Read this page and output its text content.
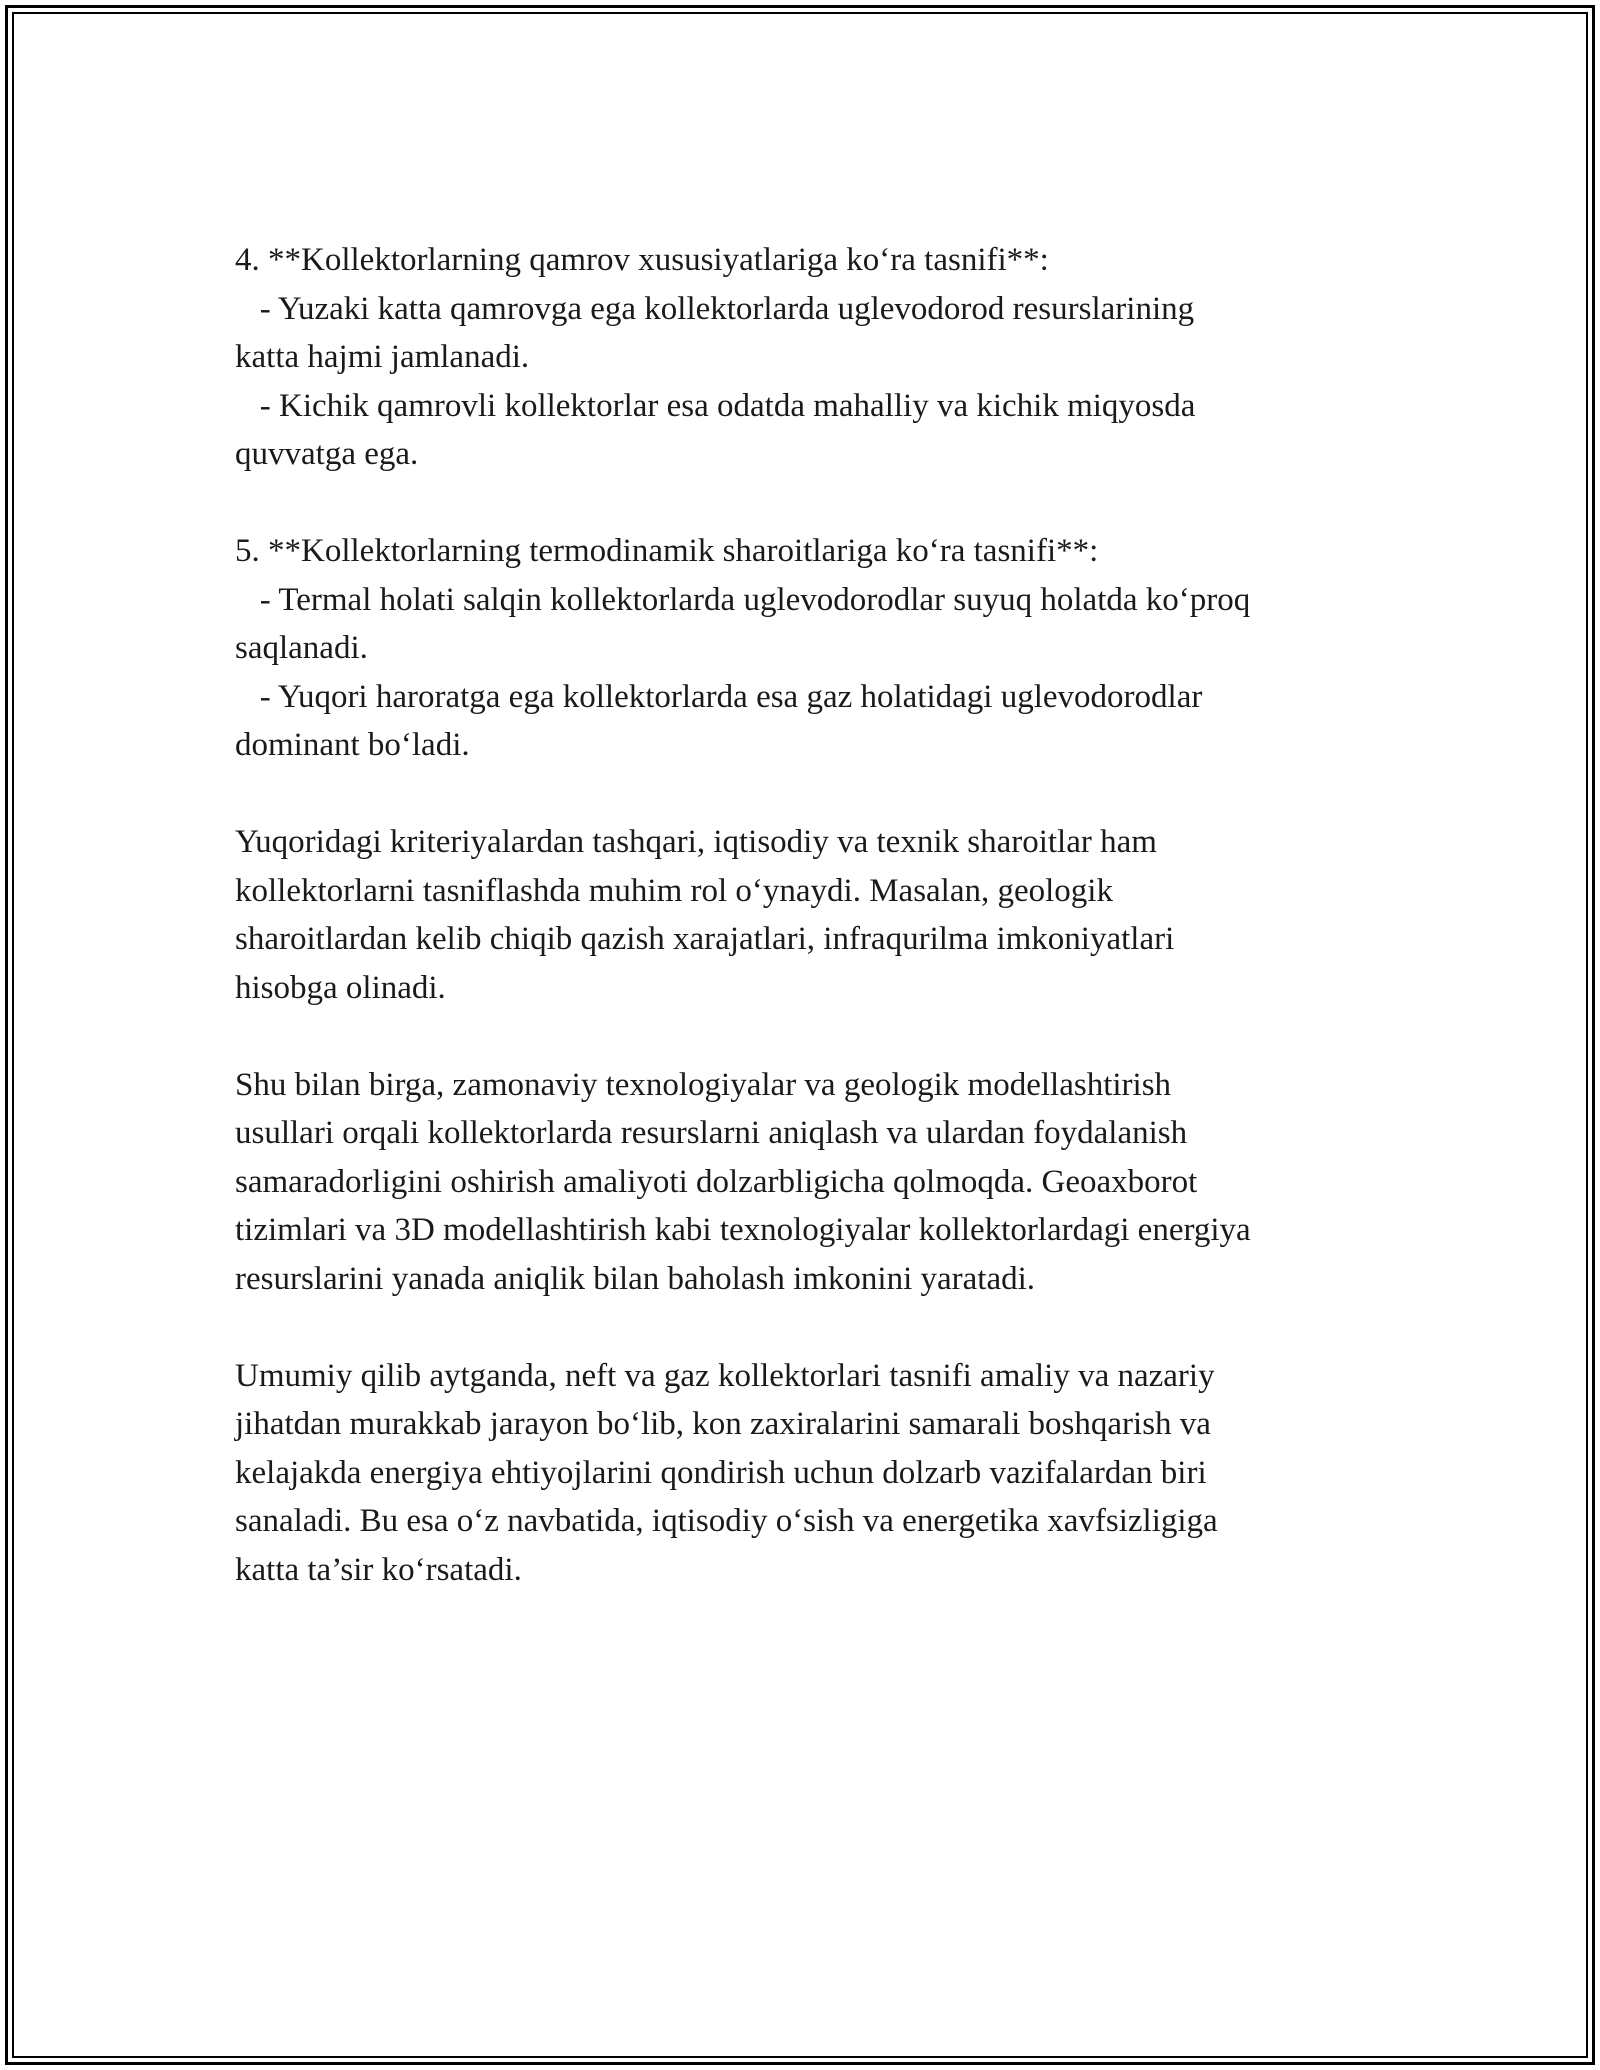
4. **Kollektorlarning qamrov xususiyatlariga ko‘ra tasnifi**:
- Yuzaki katta qamrovga ega kollektorlarda uglevodorod resurslarining
katta hajmi jamlanadi.
- Kichik qamrovli kollektorlar esa odatda mahalliy va kichik miqyosda
quvvatga ega.
5. **Kollektorlarning termodinamik sharoitlariga ko‘ra tasnifi**:
- Termal holati salqin kollektorlarda uglevodorodlar suyuq holatda ko‘proq
saqlanadi.
- Yuqori haroratga ega kollektorlarda esa gaz holatidagi uglevodorodlar
dominant bo‘ladi.
Yuqoridagi kriteriyalardan tashqari, iqtisodiy va texnik sharoitlar ham
kollektorlarni tasniflashda muhim rol o‘ynaydi. Masalan, geologik
sharoitlardan kelib chiqib qazish xarajatlari, infraqurilma imkoniyatlari
hisobga olinadi.
Shu bilan birga, zamonaviy texnologiyalar va geologik modellashtirish
usullari orqali kollektorlarda resurslarni aniqlash va ulardan foydalanish
samaradorligini oshirish amaliyoti dolzarbligicha qolmoqda. Geoaxborot
tizimlari va 3D modellashtirish kabi texnologiyalar kollektorlardagi energiya
resurslarini yanada aniqlik bilan baholash imkonini yaratadi.
Umumiy qilib aytganda, neft va gaz kollektorlari tasnifi amaliy va nazariy
jihatdan murakkab jarayon bo‘lib, kon zaxiralarini samarali boshqarish va
kelajakda energiya ehtiyojlarini qondirish uchun dolzarb vazifalardan biri
sanaladi. Bu esa o‘z navbatida, iqtisodiy o‘sish va energetika xavfsizligiga
katta ta’sir ko‘rsatadi.
